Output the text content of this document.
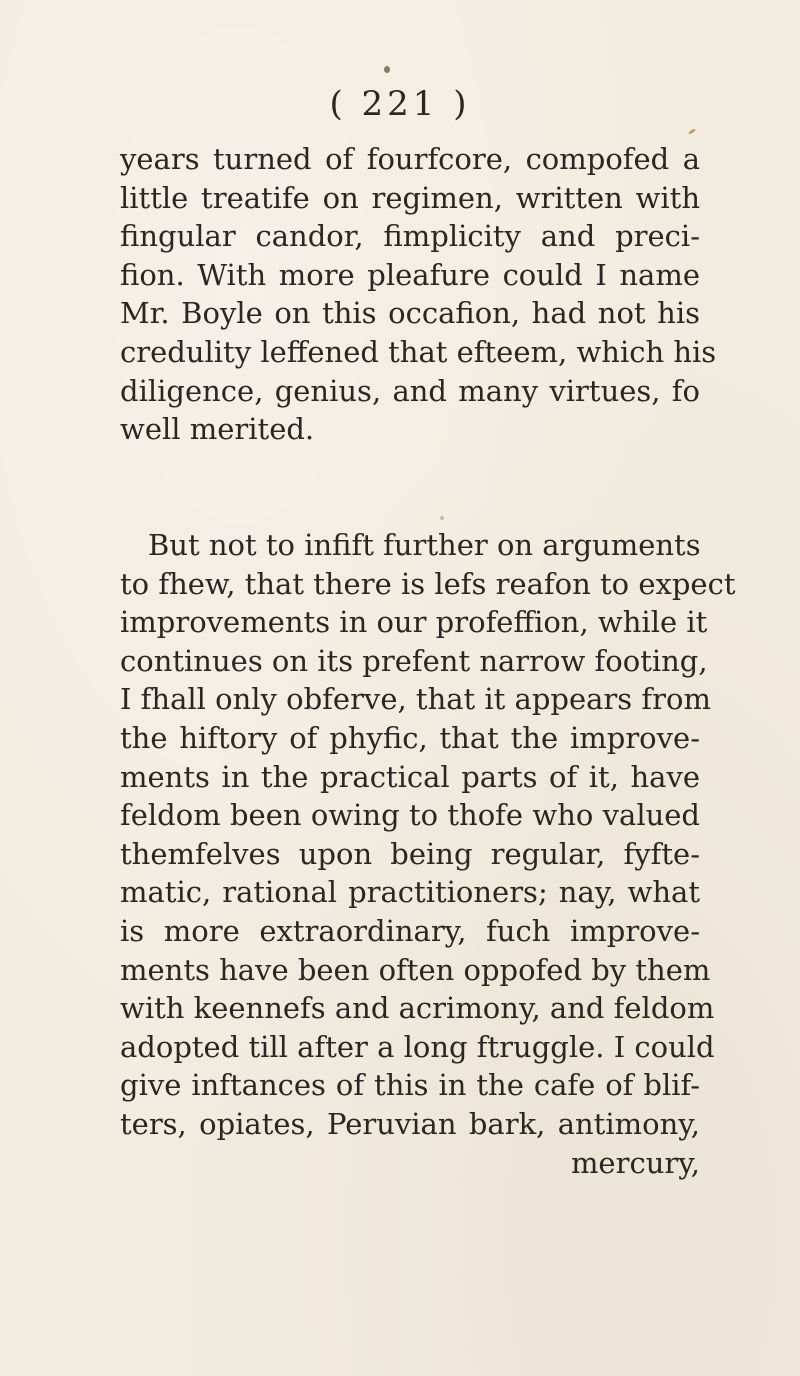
( 221 )
years turned of fourfcore, compofed a
little treatife on regimen, written with
fingular candor, fimplicity and preci-
fion. With more pleafure could I name
Mr. Boyle on this occafion, had not his
credulity leffened that efteem, which his
diligence, genius, and many virtues, fo
well merited.
But not to infift further on arguments
to fhew, that there is lefs reafon to expect
improvements in our profeffion, while it
continues on its prefent narrow footing,
I fhall only obferve, that it appears from
the hiftory of phyfic, that the improve-
ments in the practical parts of it, have
feldom been owing to thofe who valued
themfelves upon being regular, fyfte-
matic, rational practitioners; nay, what
is more extraordinary, fuch improve-
ments have been often oppofed by them
with keennefs and acrimony, and feldom
adopted till after a long ftruggle. I could
give inftances of this in the cafe of blif-
ters, opiates, Peruvian bark, antimony,
mercury,
